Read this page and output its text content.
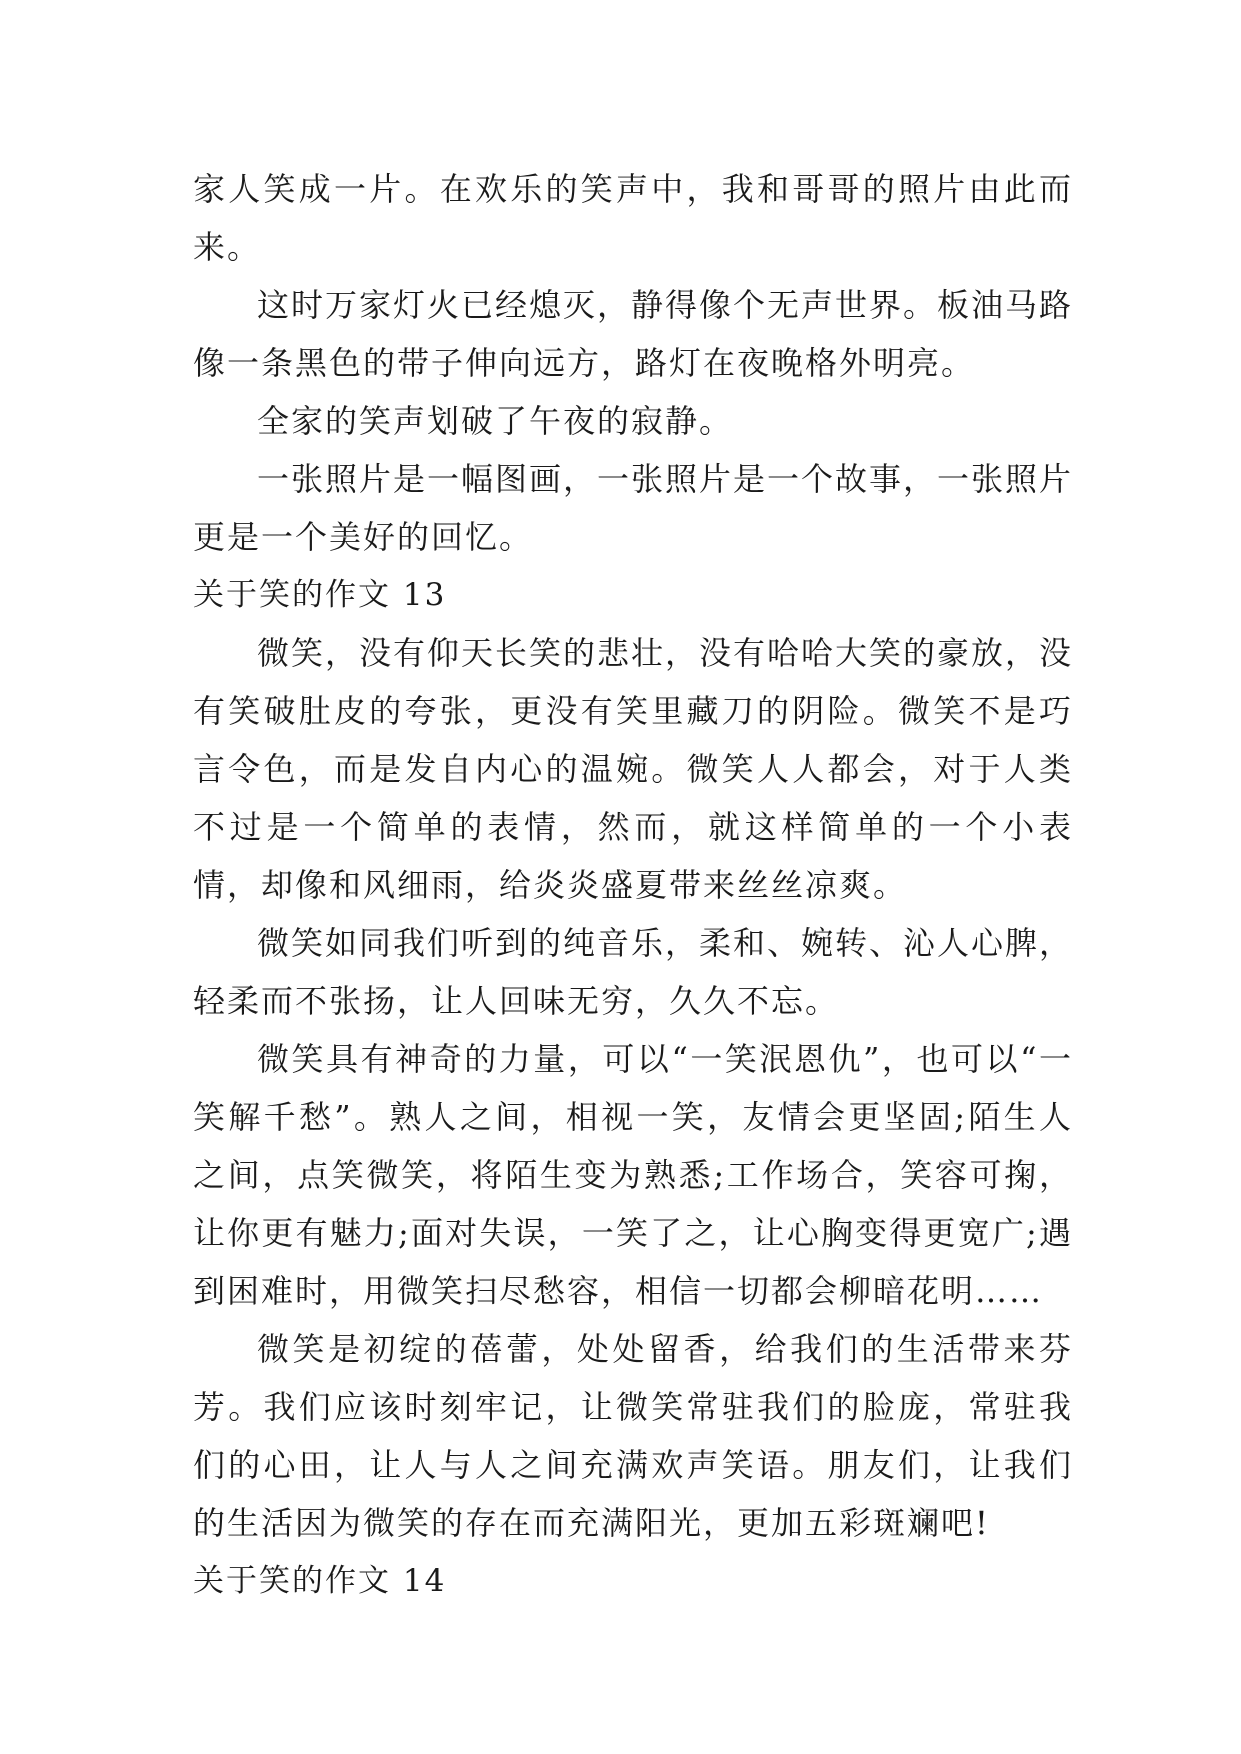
家人笑成一片。在欢乐的笑声中，我和哥哥的照片由此而来。

这时万家灯火已经熄灭，静得像个无声世界。板油马路像一条黑色的带子伸向远方，路灯在夜晚格外明亮。

全家的笑声划破了午夜的寂静。

一张照片是一幅图画，一张照片是一个故事，一张照片更是一个美好的回忆。

关于笑的作文 13

微笑，没有仰天长笑的悲壮，没有哈哈大笑的豪放，没有笑破肚皮的夸张，更没有笑里藏刀的阴险。微笑不是巧言令色，而是发自内心的温婉。微笑人人都会，对于人类不过是一个简单的表情，然而，就这样简单的一个小表情，却像和风细雨，给炎炎盛夏带来丝丝凉爽。

微笑如同我们听到的纯音乐，柔和、婉转、沁人心脾，轻柔而不张扬，让人回味无穷，久久不忘。

微笑具有神奇的力量，可以“一笑泯恩仇”，也可以“一笑解千愁”。熟人之间，相视一笑，友情会更坚固;陌生人之间，点笑微笑，将陌生变为熟悉;工作场合，笑容可掬，让你更有魅力;面对失误，一笑了之，让心胸变得更宽广;遇到困难时，用微笑扫尽愁容，相信一切都会柳暗花明……

微笑是初绽的蓓蕾，处处留香，给我们的生活带来芬芳。我们应该时刻牢记，让微笑常驻我们的脸庞，常驻我们的心田，让人与人之间充满欢声笑语。朋友们，让我们的生活因为微笑的存在而充满阳光，更加五彩斑斓吧!

关于笑的作文 14
